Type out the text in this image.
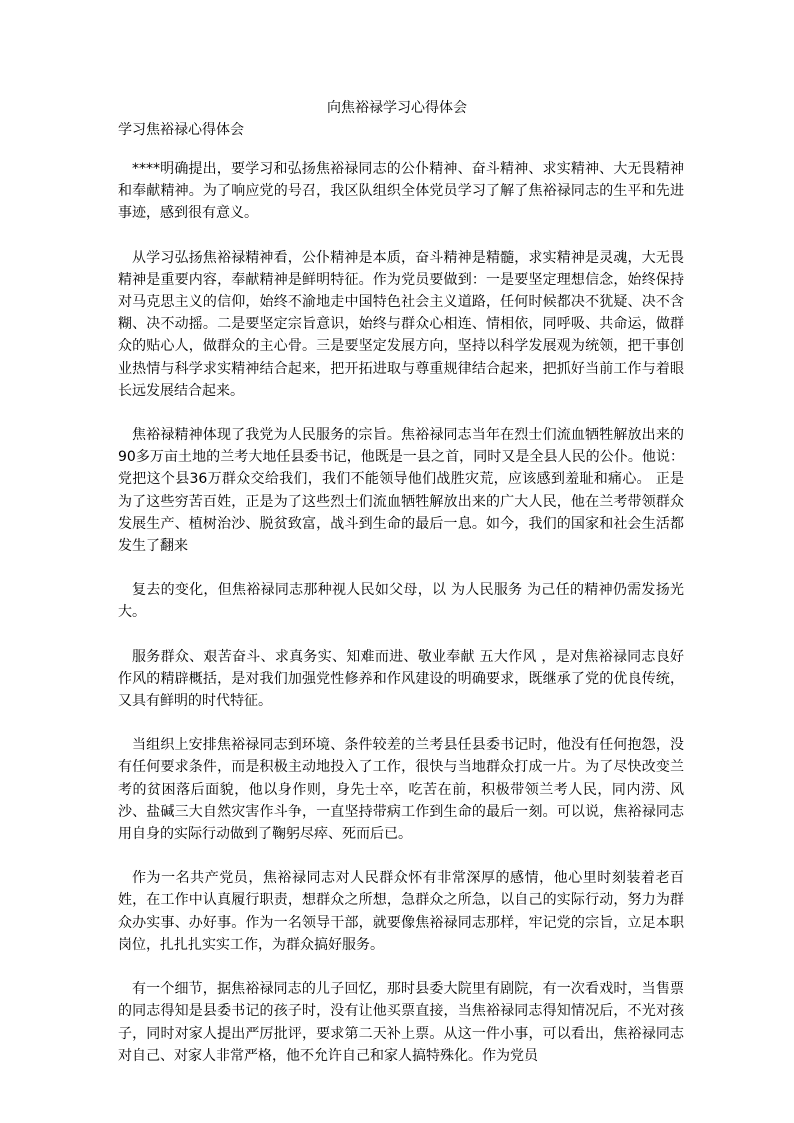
向焦裕禄学习心得体会
学习焦裕禄心得体会

****明确提出，要学习和弘扬焦裕禄同志的公仆精神、奋斗精神、求实精神、大无畏精神和奉献精神。为了响应党的号召，我区队组织全体党员学习了解了焦裕禄同志的生平和先进事迹，感到很有意义。

从学习弘扬焦裕禄精神看，公仆精神是本质，奋斗精神是精髓，求实精神是灵魂，大无畏精神是重要内容，奉献精神是鲜明特征。作为党员要做到：一是要坚定理想信念，始终保持对马克思主义的信仰，始终不渝地走中国特色社会主义道路，任何时候都决不犹疑、决不含糊、决不动摇。二是要坚定宗旨意识，始终与群众心相连、情相依，同呼吸、共命运，做群众的贴心人，做群众的主心骨。三是要坚定发展方向，坚持以科学发展观为统领，把干事创业热情与科学求实精神结合起来，把开拓进取与尊重规律结合起来，把抓好当前工作与着眼长远发展结合起来。

焦裕禄精神体现了我党为人民服务的宗旨。焦裕禄同志当年在烈士们流血牺牲解放出来的90多万亩土地的兰考大地任县委书记，他既是一县之首，同时又是全县人民的公仆。他说：党把这个县36万群众交给我们，我们不能领导他们战胜灾荒，应该感到羞耻和痛心。 正是为了这些穷苦百姓，正是为了这些烈士们流血牺牲解放出来的广大人民，他在兰考带领群众发展生产、植树治沙、脱贫致富，战斗到生命的最后一息。如今，我们的国家和社会生活都发生了翻来

复去的变化，但焦裕禄同志那种视人民如父母，以 为人民服务 为己任的精神仍需发扬光大。

服务群众、艰苦奋斗、求真务实、知难而进、敬业奉献 五大作风 ，是对焦裕禄同志良好作风的精辟概括，是对我们加强党性修养和作风建设的明确要求，既继承了党的优良传统，又具有鲜明的时代特征。

当组织上安排焦裕禄同志到环境、条件较差的兰考县任县委书记时，他没有任何抱怨，没有任何要求条件，而是积极主动地投入了工作，很快与当地群众打成一片。为了尽快改变兰考的贫困落后面貌，他以身作则，身先士卒，吃苦在前，积极带领兰考人民，同内涝、风沙、盐碱三大自然灾害作斗争，一直坚持带病工作到生命的最后一刻。可以说，焦裕禄同志用自身的实际行动做到了鞠躬尽瘁、死而后已。

作为一名共产党员，焦裕禄同志对人民群众怀有非常深厚的感情，他心里时刻装着老百姓，在工作中认真履行职责，想群众之所想，急群众之所急，以自己的实际行动，努力为群众办实事、办好事。作为一名领导干部，就要像焦裕禄同志那样，牢记党的宗旨，立足本职岗位，扎扎扎实实工作，为群众搞好服务。

有一个细节，据焦裕禄同志的儿子回忆，那时县委大院里有剧院，有一次看戏时，当售票的同志得知是县委书记的孩子时，没有让他买票直接，当焦裕禄同志得知情况后，不光对孩子，同时对家人提出严厉批评，要求第二天补上票。从这一件小事，可以看出，焦裕禄同志对自己、对家人非常严格，他不允许自己和家人搞特殊化。作为党员
